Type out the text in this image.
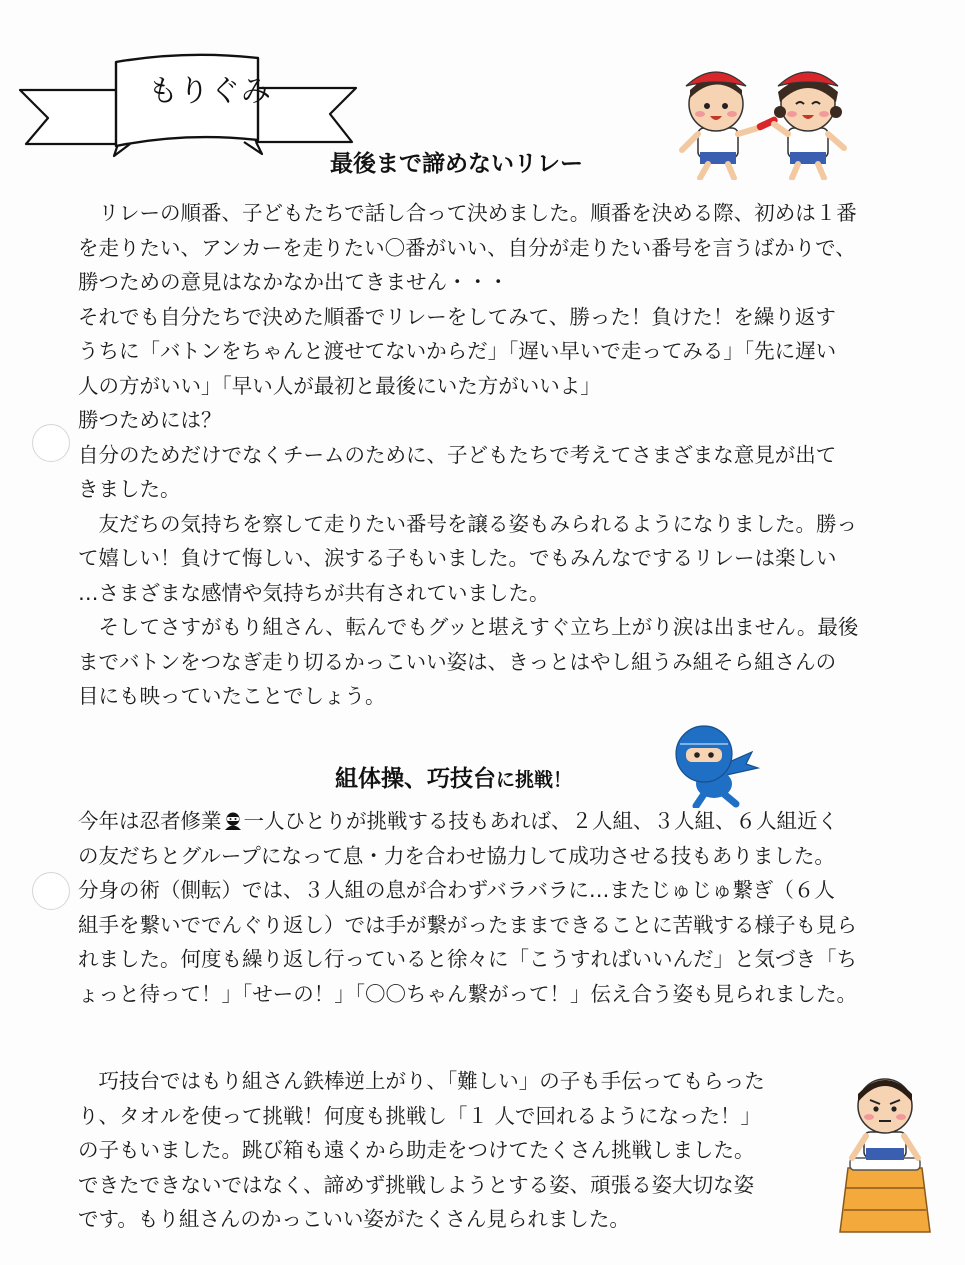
もりぐみ
最後まで諦めないリレー
　リレーの順番、子どもたちで話し合って決めました。順番を決める際、初めは１番
を走りたい、アンカーを走りたい〇番がいい、自分が走りたい番号を言うばかりで、
勝つための意見はなかなか出てきません・・・
それでも自分たちで決めた順番でリレーをしてみて、勝った！負けた！を繰り返す
うちに「バトンをちゃんと渡せてないからだ」「遅い早いで走ってみる」「先に遅い
人の方がいい」「早い人が最初と最後にいた方がいいよ」
勝つためには？
自分のためだけでなくチームのために、子どもたちで考えてさまざまな意見が出て
きました。
　友だちの気持ちを察して走りたい番号を譲る姿もみられるようになりました。勝っ
て嬉しい！負けて悔しい、涙する子もいました。でもみんなでするリレーは楽しい
…さまざまな感情や気持ちが共有されていました。
　そしてさすがもり組さん、転んでもグッと堪えすぐ立ち上がり涙は出ません。最後
までバトンをつなぎ走り切るかっこいい姿は、きっとはやし組うみ組そら組さんの
目にも映っていたことでしょう。
組体操、巧技台に挑戦！
今年は忍者修業 一人ひとりが挑戦する技もあれば、２人組、３人組、６人組近く
の友だちとグループになって息・力を合わせ協力して成功させる技もありました。
分身の術（側転）では、３人組の息が合わずバラバラに…またじゅじゅ繋ぎ（６人
組手を繋いででんぐり返し）では手が繋がったままできることに苦戦する様子も見ら
れました。何度も繰り返し行っていると徐々に「こうすればいいんだ」と気づき「ち
ょっと待って！」「せーの！」「〇〇ちゃん繋がって！」伝え合う姿も見られました。
　巧技台ではもり組さん鉄棒逆上がり、「難しい」の子も手伝ってもらった
り、タオルを使って挑戦！何度も挑戦し「１ 人で回れるようになった！」
の子もいました。跳び箱も遠くから助走をつけてたくさん挑戦しました。
できたできないではなく、諦めず挑戦しようとする姿、頑張る姿大切な姿
です。もり組さんのかっこいい姿がたくさん見られました。
